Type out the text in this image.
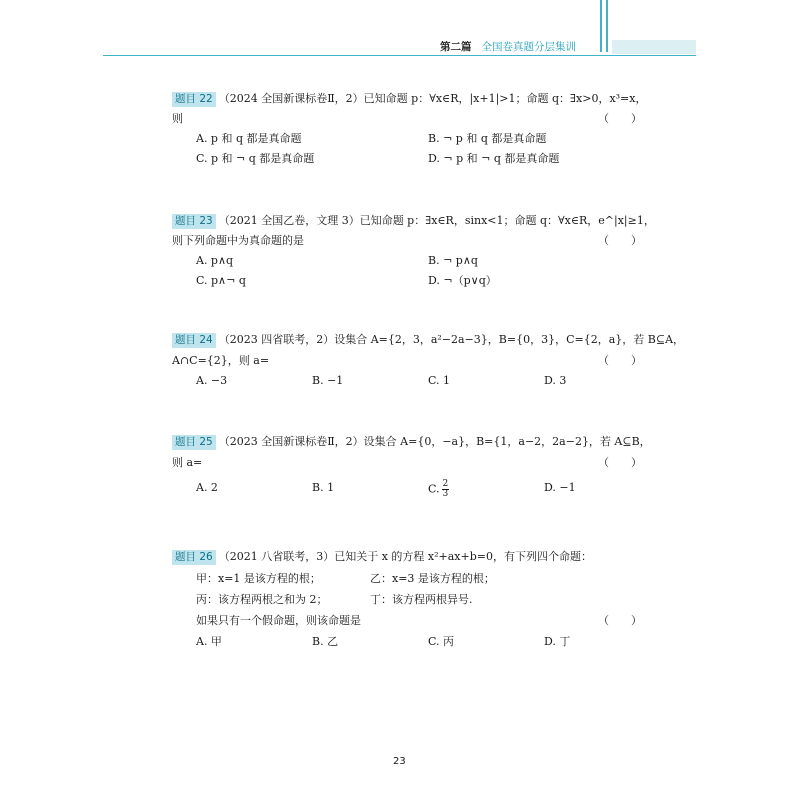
第二篇 全国卷真题分层集训
题目 22 （2024 全国新课标卷Ⅱ，2）已知命题 p：∀x∈R，|x+1|>1；命题 q：∃x>0，x³=x，
则	（　　）
A. p 和 q 都是真命题	B. ¬ p 和 q 都是真命题
C. p 和 ¬ q 都是真命题	D. ¬ p 和 ¬ q 都是真命题
题目 23 （2021 全国乙卷，文理 3）已知命题 p：∃x∈R，sinx<1；命题 q：∀x∈R，e^|x|≥1，
则下列命题中为真命题的是	（　　）
A. p∧q	B. ¬ p∧q
C. p∧¬ q	D. ¬（p∨q）
题目 24 （2023 四省联考，2）设集合 A={2，3，a²−2a−3}，B={0，3}，C={2，a}，若 B⊆A，
A∩C={2}，则 a=	（　　）
A. −3	B. −1	C. 1	D. 3
题目 25 （2023 全国新课标卷Ⅱ，2）设集合 A={0，−a}，B={1，a−2，2a−2}，若 A⊆B，
则 a=	（　　）
A. 2	B. 1	C. $\frac{2}{3}$	D. −1
题目 26 （2021 八省联考，3）已知关于 x 的方程 x²+ax+b=0，有下列四个命题：
甲：x=1 是该方程的根；	乙：x=3 是该方程的根；
丙：该方程两根之和为 2；	丁：该方程两根异号.
如果只有一个假命题，则该命题是	（　　）
A. 甲	B. 乙	C. 丙	D. 丁
23
